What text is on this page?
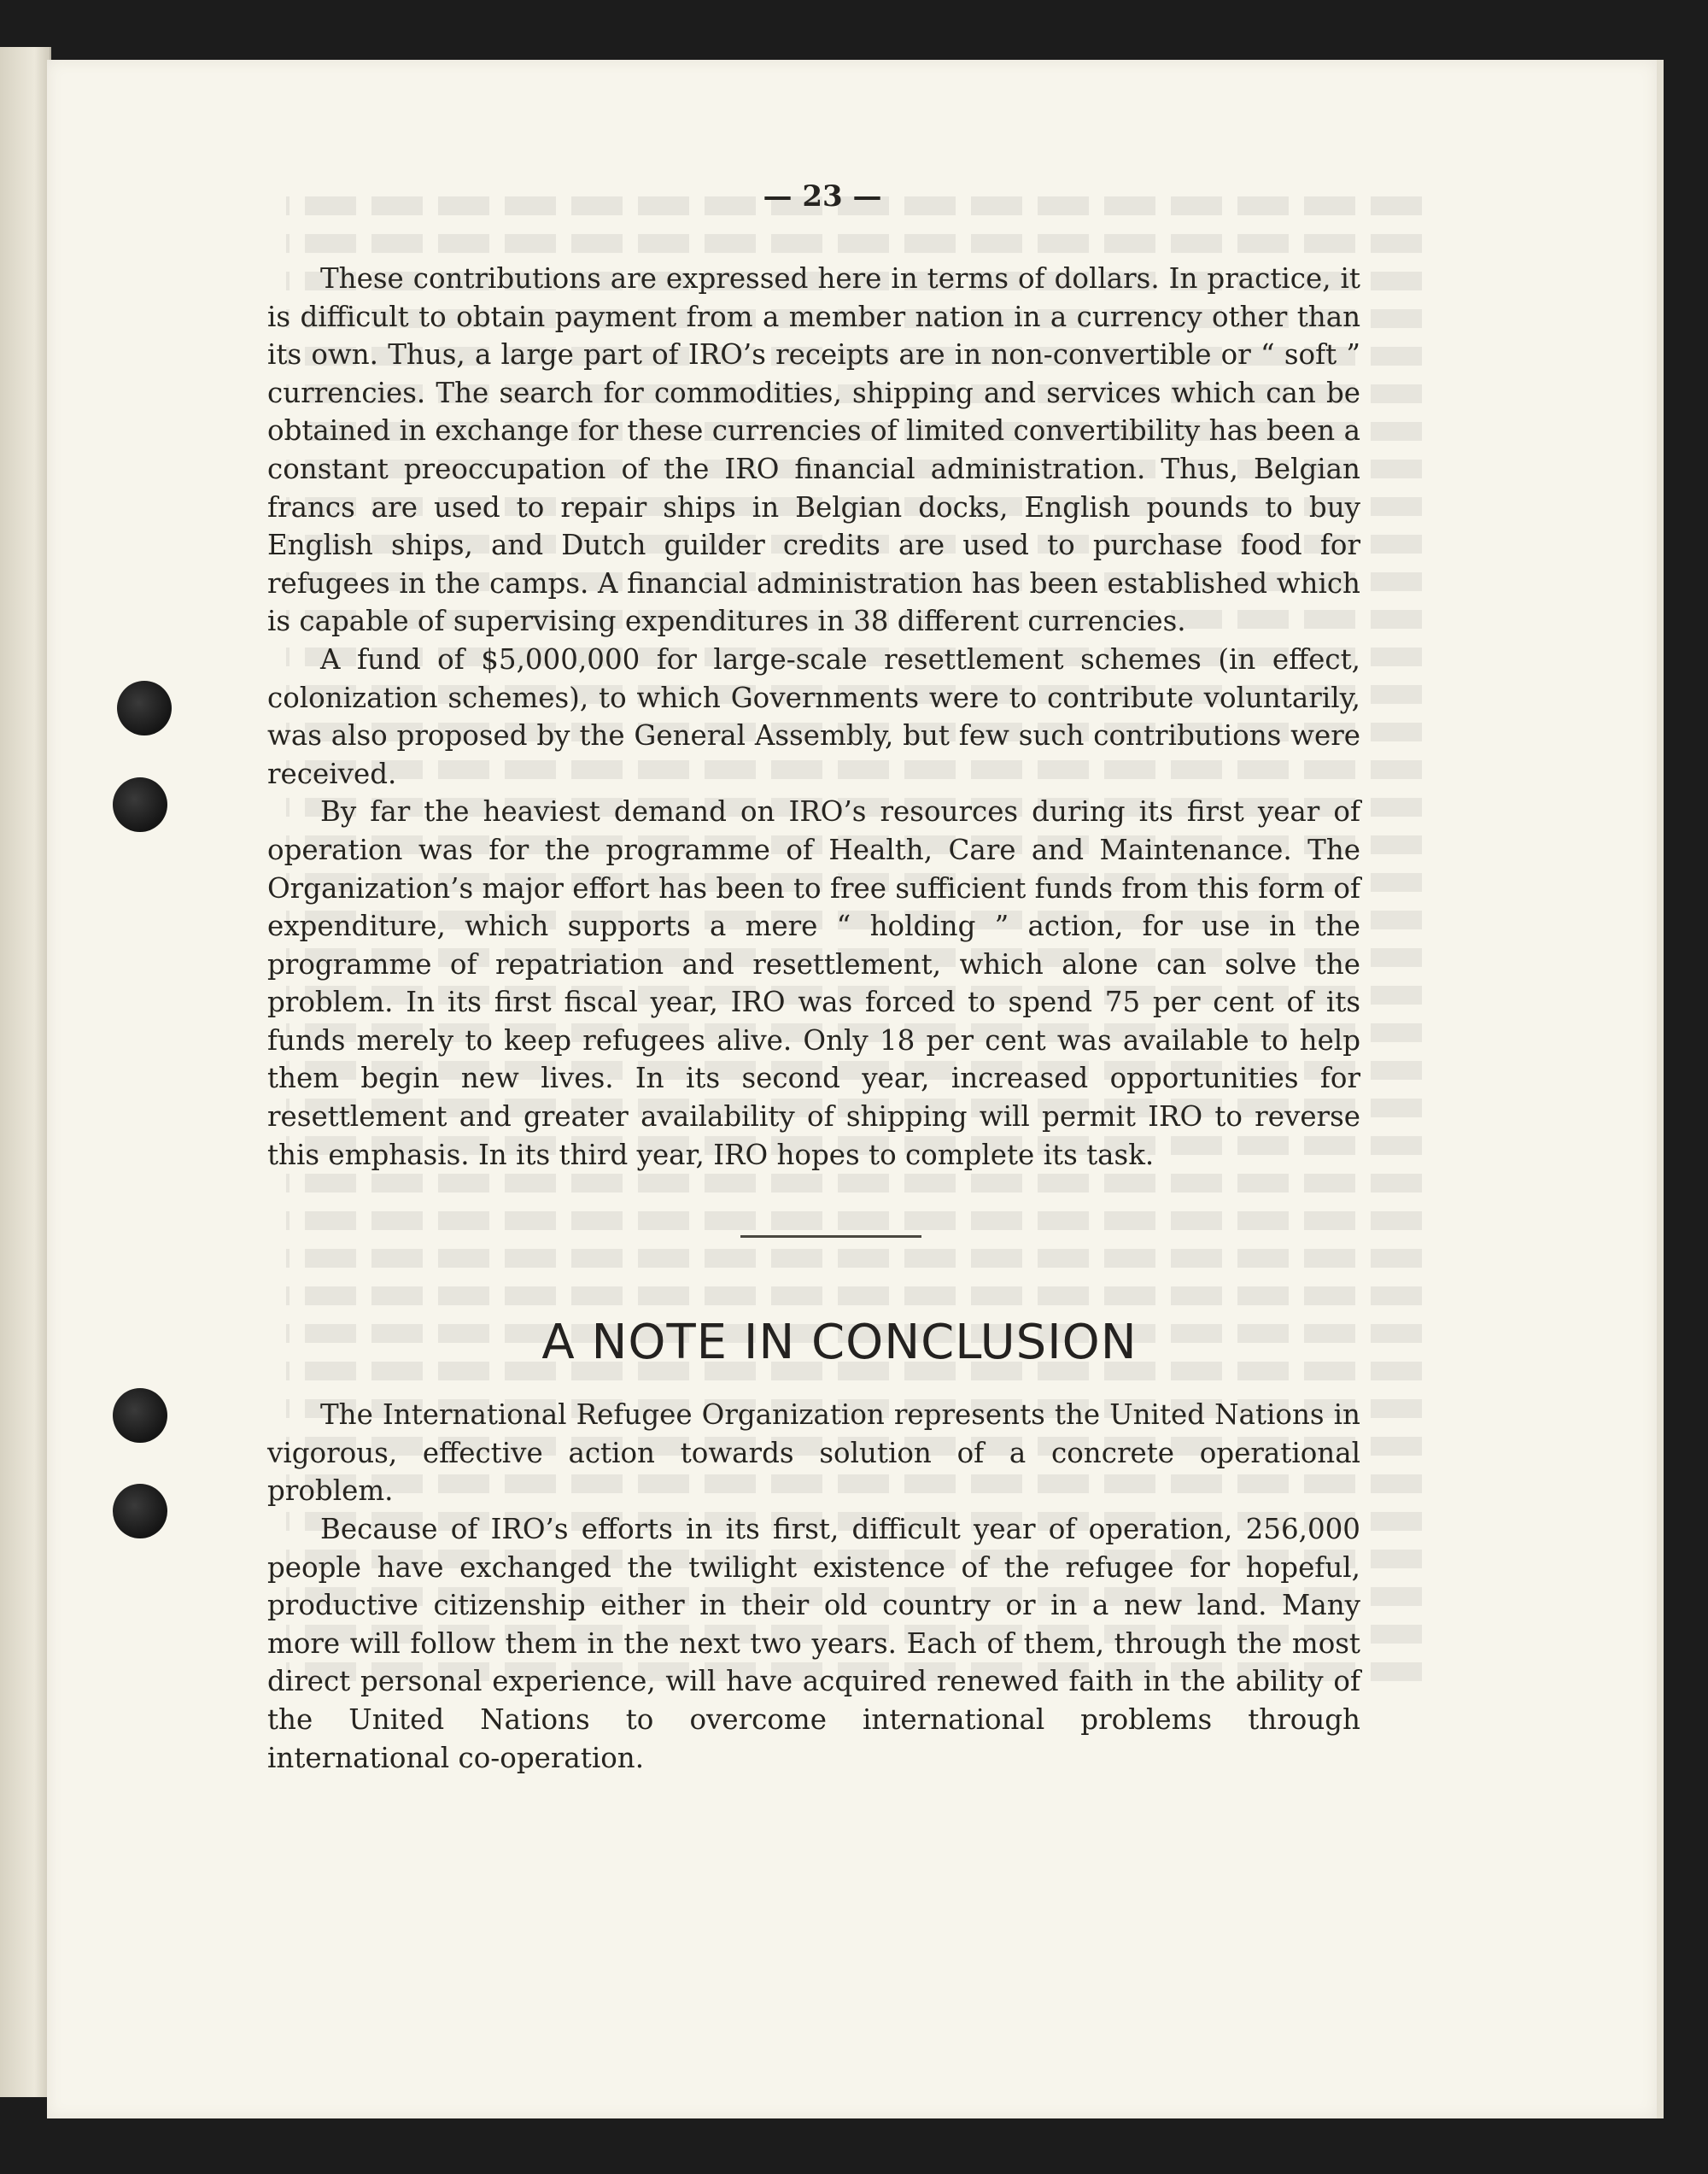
— 23 —

These contributions are expressed here in terms of dollars. In practice, it is difficult to obtain payment from a member nation in a currency other than its own. Thus, a large part of IRO’s receipts are in non-convertible or “ soft ” currencies. The search for commodities, shipping and services which can be obtained in exchange for these currencies of limited convertibility has been a constant preoccupation of the IRO financial administration. Thus, Belgian francs are used to repair ships in Belgian docks, English pounds to buy English ships, and Dutch guilder credits are used to purchase food for refugees in the camps. A financial administration has been established which is capable of supervising expenditures in 38 different currencies.

A fund of $5,000,000 for large-scale resettlement schemes (in effect, colonization schemes), to which Governments were to contribute voluntarily, was also proposed by the General Assembly, but few such contributions were received.

By far the heaviest demand on IRO’s resources during its first year of operation was for the programme of Health, Care and Maintenance. The Organization’s major effort has been to free sufficient funds from this form of expenditure, which supports a mere “ holding ” action, for use in the programme of repatriation and resettlement, which alone can solve the problem. In its first fiscal year, IRO was forced to spend 75 per cent of its funds merely to keep refugees alive. Only 18 per cent was available to help them begin new lives. In its second year, increased opportunities for resettlement and greater availability of shipping will permit IRO to reverse this emphasis. In its third year, IRO hopes to complete its task.

A NOTE IN CONCLUSION

The International Refugee Organization represents the United Nations in vigorous, effective action towards solution of a concrete operational problem.

Because of IRO’s efforts in its first, difficult year of operation, 256,000 people have exchanged the twilight existence of the refugee for hopeful, productive citizenship either in their old country or in a new land. Many more will follow them in the next two years. Each of them, through the most direct personal experience, will have acquired renewed faith in the ability of the United Nations to overcome international problems through international co-operation.
